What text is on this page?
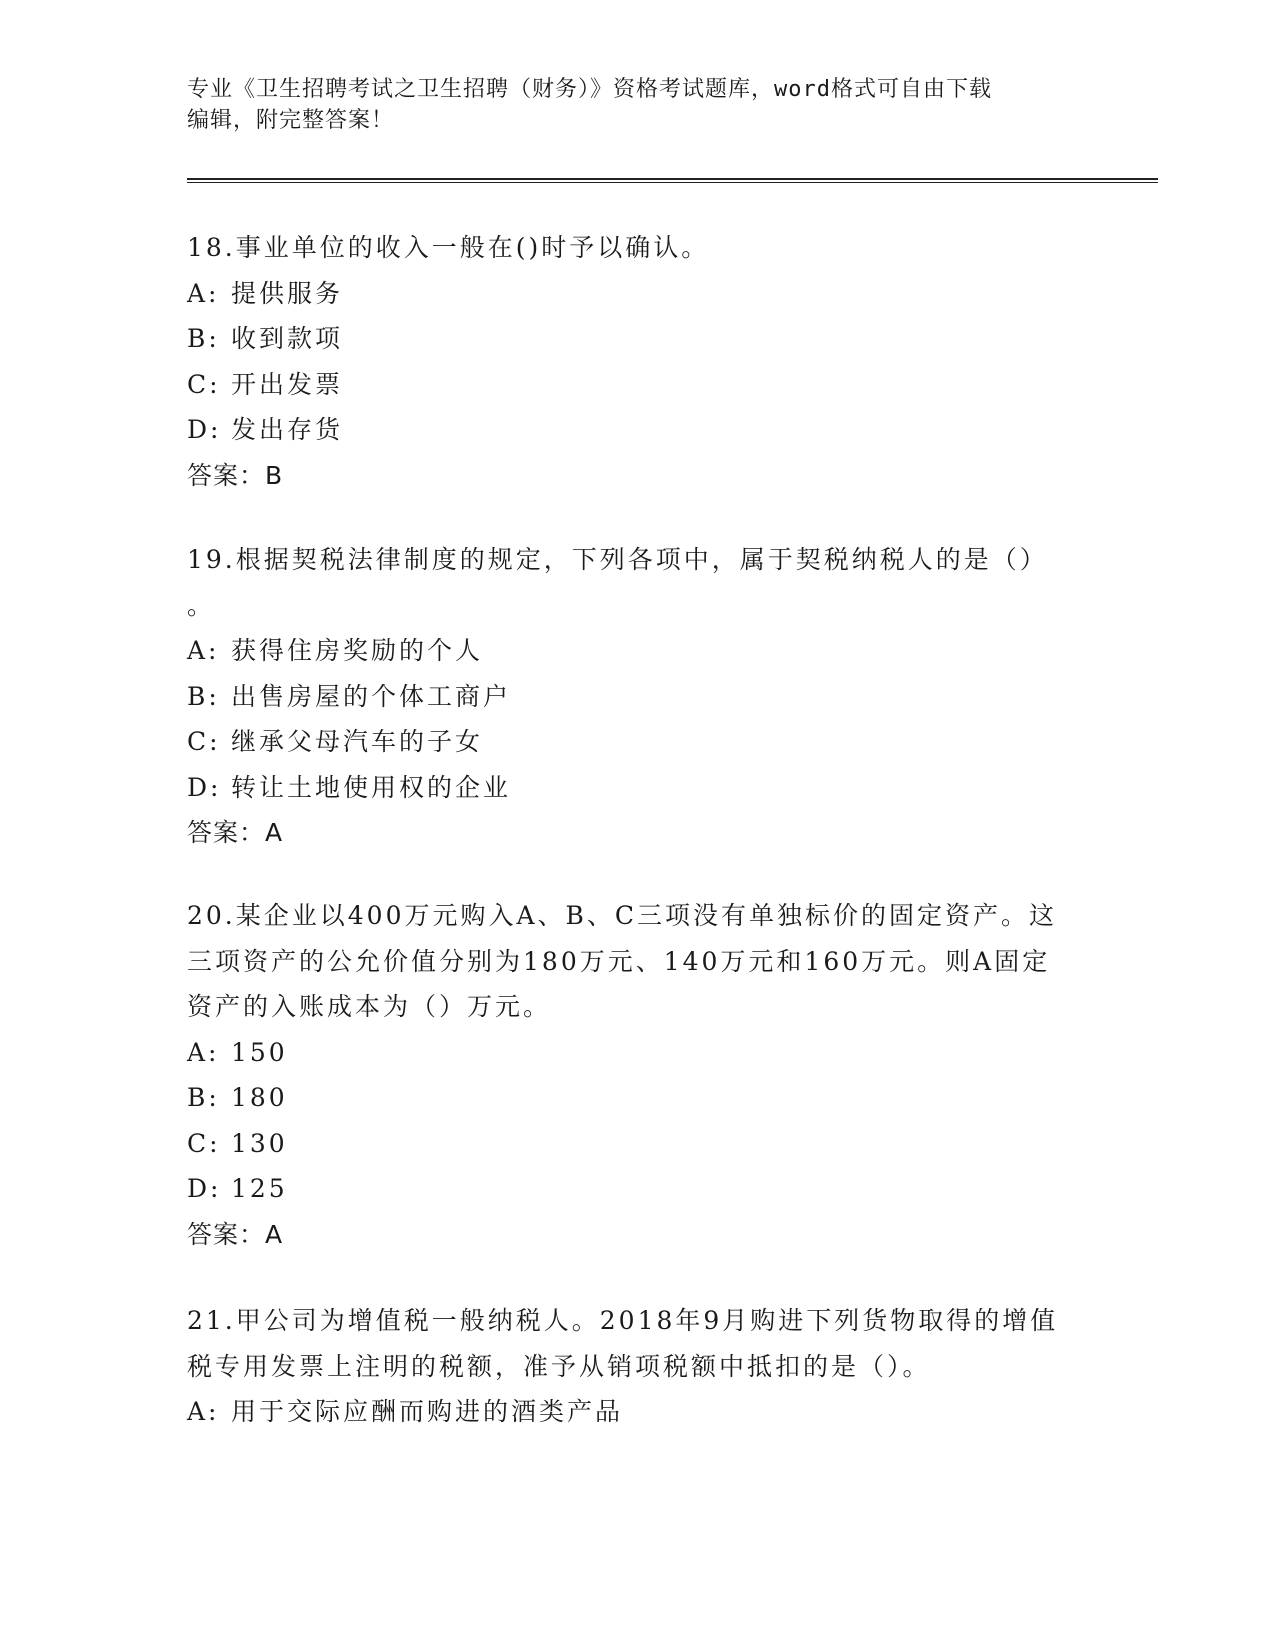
专业《卫生招聘考试之卫生招聘（财务）》资格考试题库，word格式可自由下载
编辑，附完整答案！
18.事业单位的收入一般在()时予以确认。
A: 提供服务
B: 收到款项
C: 开出发票
D: 发出存货
答案：B
19.根据契税法律制度的规定，下列各项中，属于契税纳税人的是（）
。
A: 获得住房奖励的个人
B: 出售房屋的个体工商户
C: 继承父母汽车的子女
D: 转让土地使用权的企业
答案：A
20.某企业以400万元购入A、B、C三项没有单独标价的固定资产。这
三项资产的公允价值分别为180万元、140万元和160万元。则A固定
资产的入账成本为（）万元。
A: 150
B: 180
C: 130
D: 125
答案：A
21.甲公司为增值税一般纳税人。2018年9月购进下列货物取得的增值
税专用发票上注明的税额，准予从销项税额中抵扣的是（）。
A: 用于交际应酬而购进的酒类产品
